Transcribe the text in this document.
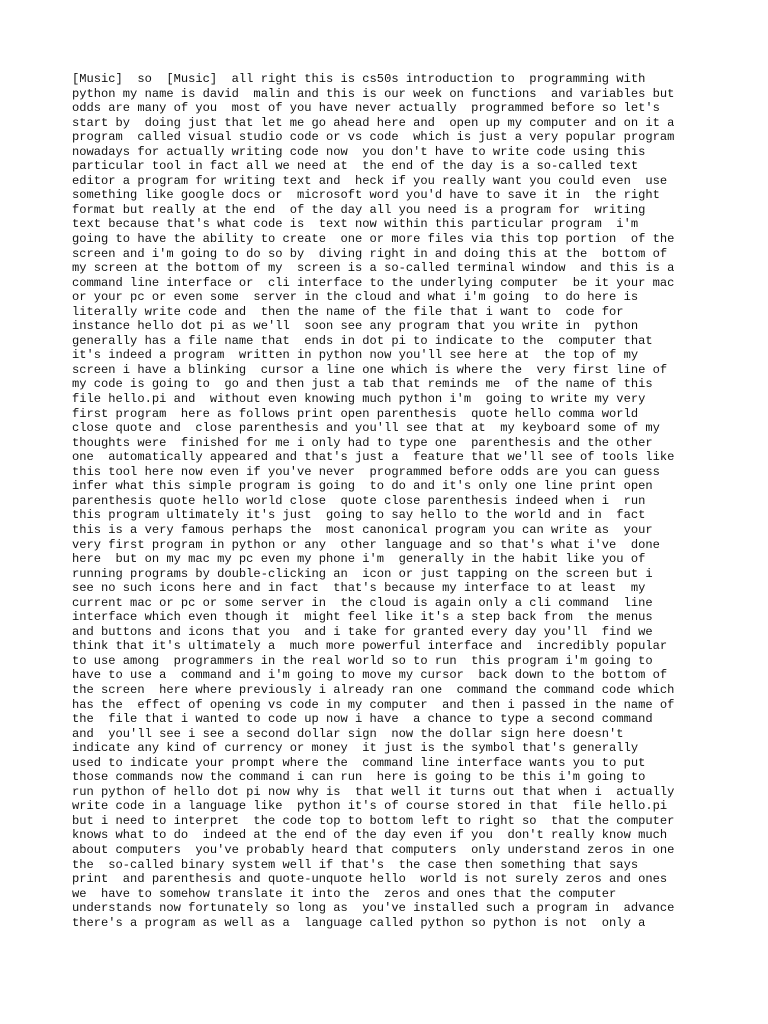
[Music]  so  [Music]  all right this is cs50s introduction to  programming with
python my name is david  malin and this is our week on functions  and variables but
odds are many of you  most of you have never actually  programmed before so let's
start by  doing just that let me go ahead here and  open up my computer and on it a
program  called visual studio code or vs code  which is just a very popular program
nowadays for actually writing code now  you don't have to write code using this
particular tool in fact all we need at  the end of the day is a so-called text
editor a program for writing text and  heck if you really want you could even  use
something like google docs or  microsoft word you'd have to save it in  the right
format but really at the end  of the day all you need is a program for  writing
text because that's what code is  text now within this particular program  i'm
going to have the ability to create  one or more files via this top portion  of the
screen and i'm going to do so by  diving right in and doing this at the  bottom of
my screen at the bottom of my  screen is a so-called terminal window  and this is a
command line interface or  cli interface to the underlying computer  be it your mac
or your pc or even some  server in the cloud and what i'm going  to do here is
literally write code and  then the name of the file that i want to  code for
instance hello dot pi as we'll  soon see any program that you write in  python
generally has a file name that  ends in dot pi to indicate to the  computer that
it's indeed a program  written in python now you'll see here at  the top of my
screen i have a blinking  cursor a line one which is where the  very first line of
my code is going to  go and then just a tab that reminds me  of the name of this
file hello.pi and  without even knowing much python i'm  going to write my very
first program  here as follows print open parenthesis  quote hello comma world
close quote and  close parenthesis and you'll see that at  my keyboard some of my
thoughts were  finished for me i only had to type one  parenthesis and the other
one  automatically appeared and that's just a  feature that we'll see of tools like
this tool here now even if you've never  programmed before odds are you can guess
infer what this simple program is going  to do and it's only one line print open
parenthesis quote hello world close  quote close parenthesis indeed when i  run
this program ultimately it's just  going to say hello to the world and in  fact
this is a very famous perhaps the  most canonical program you can write as  your
very first program in python or any  other language and so that's what i've  done
here  but on my mac my pc even my phone i'm  generally in the habit like you of
running programs by double-clicking an  icon or just tapping on the screen but i
see no such icons here and in fact  that's because my interface to at least  my
current mac or pc or some server in  the cloud is again only a cli command  line
interface which even though it  might feel like it's a step back from  the menus
and buttons and icons that you  and i take for granted every day you'll  find we
think that it's ultimately a  much more powerful interface and  incredibly popular
to use among  programmers in the real world so to run  this program i'm going to
have to use a  command and i'm going to move my cursor  back down to the bottom of
the screen  here where previously i already ran one  command the command code which
has the  effect of opening vs code in my computer  and then i passed in the name of
the  file that i wanted to code up now i have  a chance to type a second command
and  you'll see i see a second dollar sign  now the dollar sign here doesn't
indicate any kind of currency or money  it just is the symbol that's generally
used to indicate your prompt where the  command line interface wants you to put
those commands now the command i can run  here is going to be this i'm going to
run python of hello dot pi now why is  that well it turns out that when i  actually
write code in a language like  python it's of course stored in that  file hello.pi
but i need to interpret  the code top to bottom left to right so  that the computer
knows what to do  indeed at the end of the day even if you  don't really know much
about computers  you've probably heard that computers  only understand zeros in one
the  so-called binary system well if that's  the case then something that says
print  and parenthesis and quote-unquote hello  world is not surely zeros and ones
we  have to somehow translate it into the  zeros and ones that the computer
understands now fortunately so long as  you've installed such a program in  advance
there's a program as well as a  language called python so python is not  only a
